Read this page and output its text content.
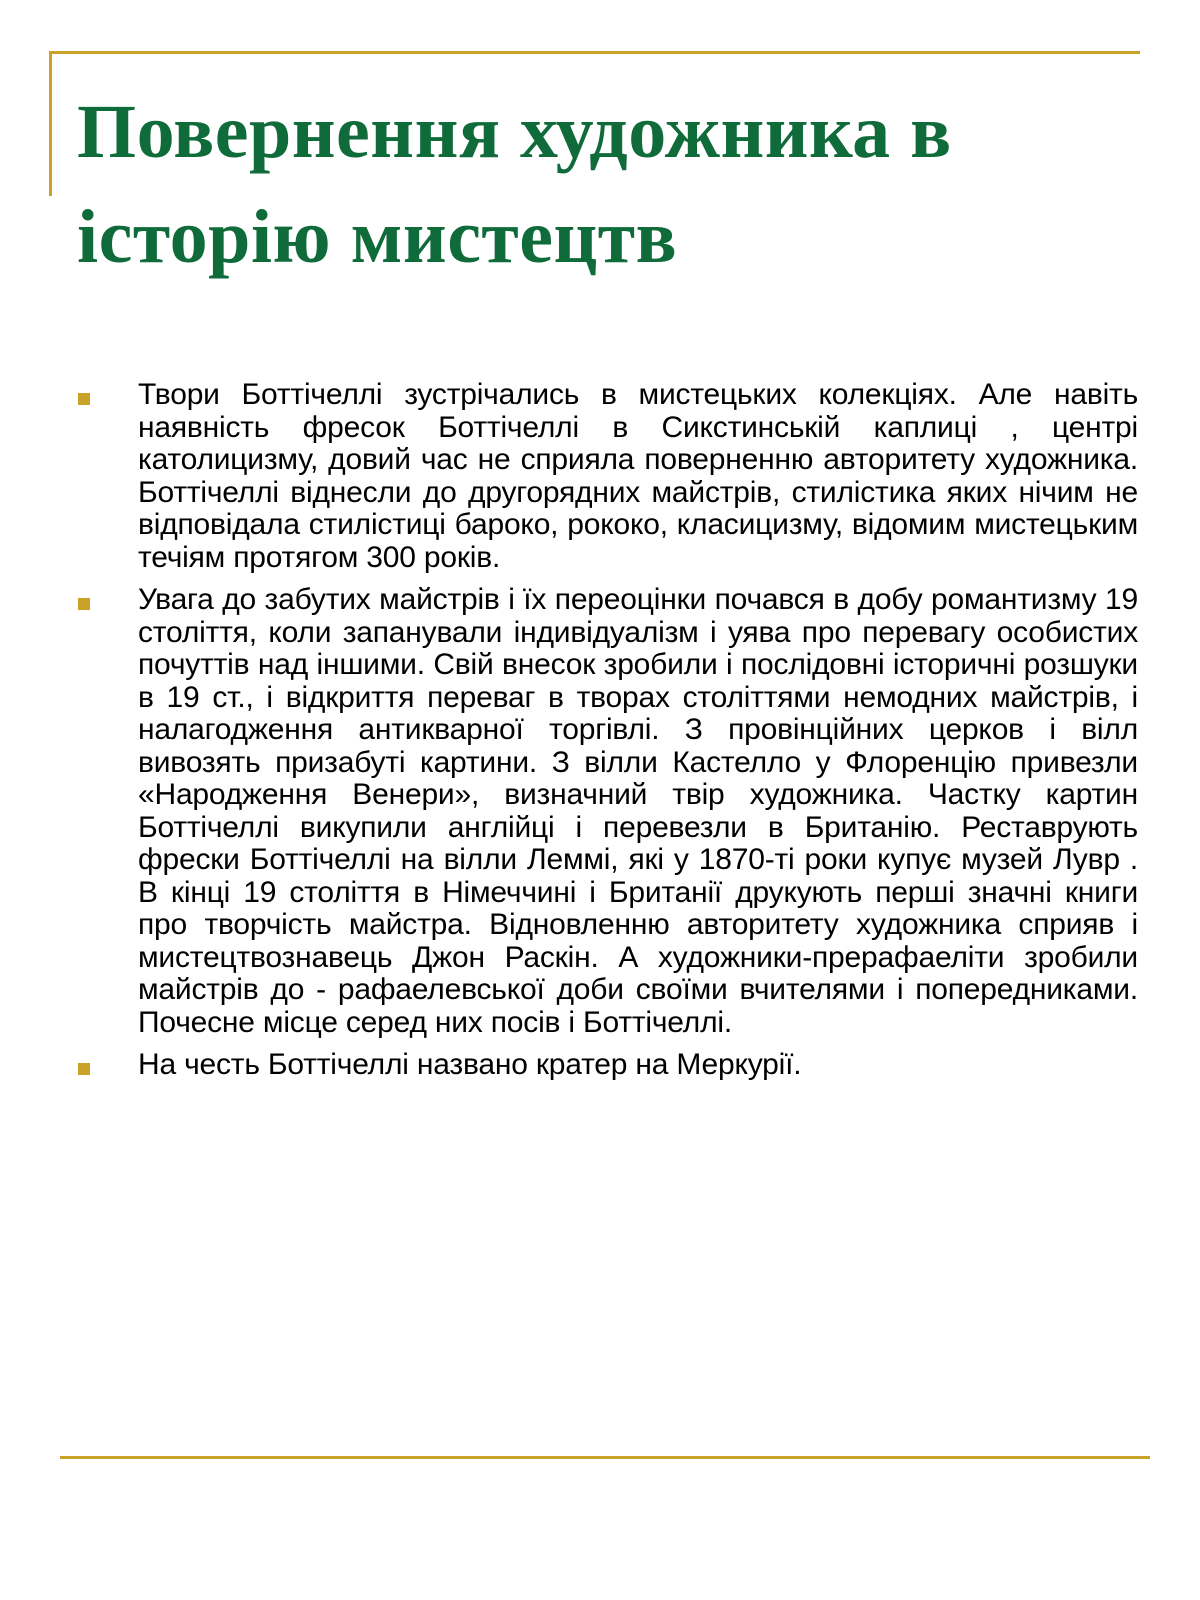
Повернення художника в історію мистецтв
Твори Боттічеллі зустрічались в мистецьких колекціях. Але навіть наявність фресок Боттічеллі в Сикстинській каплиці , центрі католицизму, довий час не сприяла поверненню авторитету художника. Боттічеллі віднесли до другорядних майстрів, стилістика яких нічим не відповідала стилістиці бароко, рококо, класицизму, відомим мистецьким течіям протягом 300 років.
Увага до забутих майстрів і їх переоцінки почався в добу романтизму 19 століття, коли запанували індивідуалізм і уява про перевагу особистих почуттів над іншими. Свій внесок зробили і послідовні історичні розшуки в 19 ст., і відкриття переваг в творах століттями немодних майстрів, і налагодження антикварної торгівлі. З провінційних церков і вілл вивозять призабуті картини. З вілли Кастелло у Флоренцію привезли «Народження Венери», визначний твір художника. Частку картин Боттічеллі викупили англійці і перевезли в Британію. Реставрують фрески Боттічеллі на вілли Леммі, які у 1870-ті роки купує музей Лувр . В кінці 19 століття в Німеччині і Британії друкують перші значні книги про творчість майстра. Відновленню авторитету художника сприяв і мистецтвознавець Джон Раскін. А художники-прерафаеліти зробили майстрів до - рафаелевської доби своїми вчителями і попередниками. Почесне місце серед них посів і Боттічеллі.
На честь Боттічеллі названо кратер на Меркурії.
